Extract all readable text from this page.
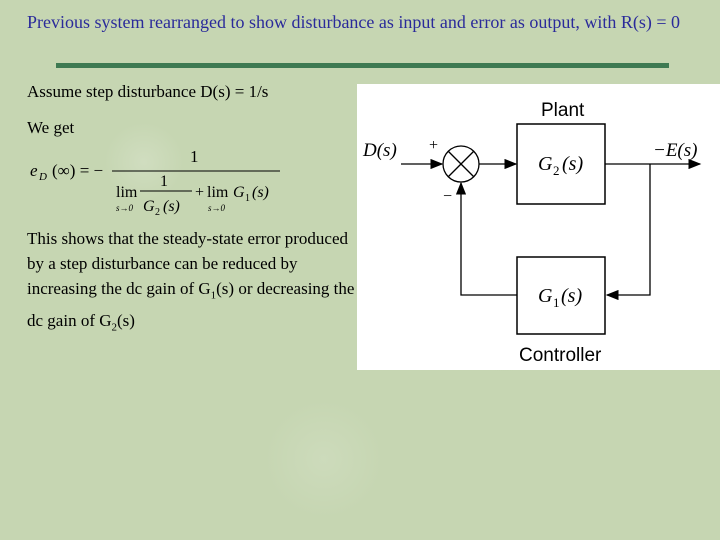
Previous system rearranged to show disturbance as input and error as output, with R(s) = 0
Assume step disturbance D(s) = 1/s
We get
e D (∞) = −
1
1
lim
s→0 G 2 (s)
+ lim
s→0
G 1 (s)
This shows that the steady-state error produced by a step disturbance can be reduced by increasing the dc gain of $G_1(s)$ or decreasing the dc gain of $G_2(s)$
Plant
Controller
D(s)	−E(s)
+
−
G 2 (s)
G 1 (s)
